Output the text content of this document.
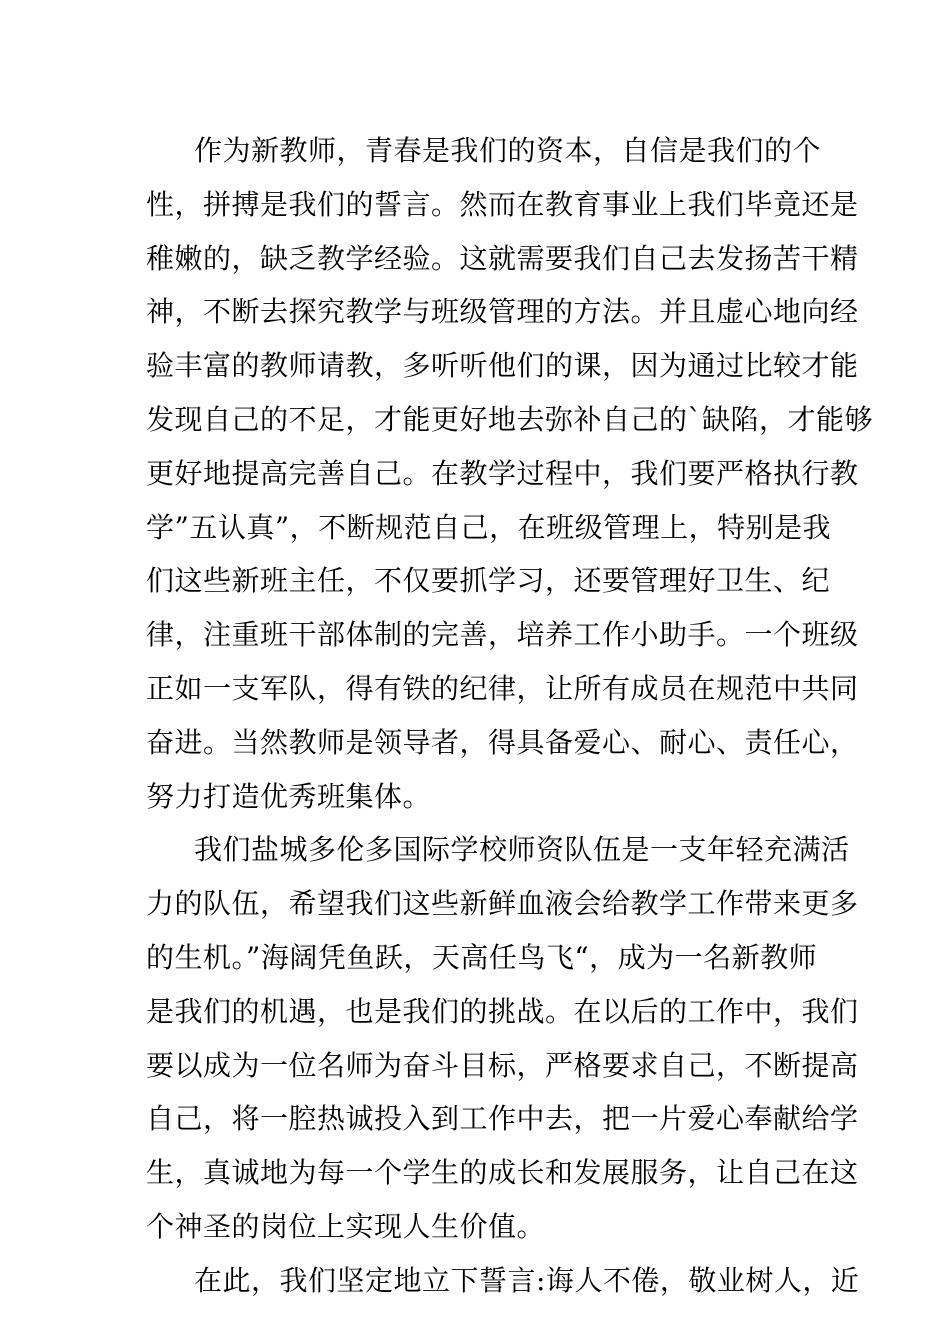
作为新教师，青春是我们的资本，自信是我们的个
性，拼搏是我们的誓言。然而在教育事业上我们毕竟还是
稚嫩的，缺乏教学经验。这就需要我们自己去发扬苦干精
神，不断去探究教学与班级管理的方法。并且虚心地向经
验丰富的教师请教，多听听他们的课，因为通过比较才能
发现自己的不足，才能更好地去弥补自己的`缺陷，才能够
更好地提高完善自己。在教学过程中，我们要严格执行教
学”五认真”，不断规范自己，在班级管理上，特别是我
们这些新班主任，不仅要抓学习，还要管理好卫生、纪
律，注重班干部体制的完善，培养工作小助手。一个班级
正如一支军队，得有铁的纪律，让所有成员在规范中共同
奋进。当然教师是领导者，得具备爱心、耐心、责任心，
努力打造优秀班集体。
我们盐城多伦多国际学校师资队伍是一支年轻充满活
力的队伍，希望我们这些新鲜血液会给教学工作带来更多
的生机。”海阔凭鱼跃，天高任鸟飞“，成为一名新教师
是我们的机遇，也是我们的挑战。在以后的工作中，我们
要以成为一位名师为奋斗目标，严格要求自己，不断提高
自己，将一腔热诚投入到工作中去，把一片爱心奉献给学
生，真诚地为每一个学生的成长和发展服务，让自己在这
个神圣的岗位上实现人生价值。
在此，我们坚定地立下誓言:诲人不倦，敬业树人，近
